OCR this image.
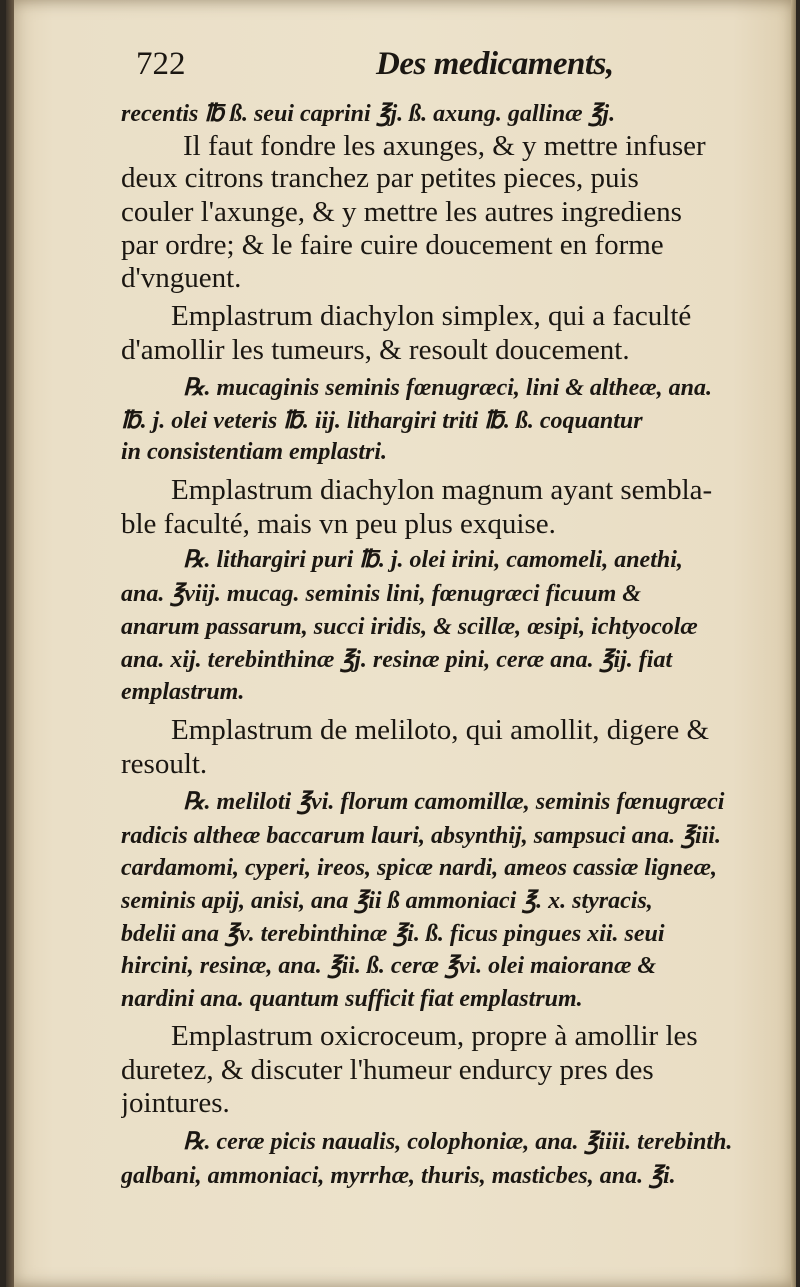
722	Des medicaments,
recentis ℔ ß. seui caprini ℥j. ß. axung. gallinæ ℥j.
Il faut fondre les axunges, & y mettre infuser
deux citrons tranchez par petites pieces, puis
couler l'axunge, & y mettre les autres ingrediens
par ordre; & le faire cuire doucement en forme
d'vnguent.
Emplastrum diachylon simplex, qui a faculté
d'amollir les tumeurs, & resoult doucement.
℞. mucaginis seminis fœnugræci, lini & altheæ, ana.
℔. j. olei veteris ℔. iij. lithargiri triti ℔. ß. coquantur
in consistentiam emplastri.
Emplastrum diachylon magnum ayant sembla-
ble faculté, mais vn peu plus exquise.
℞. lithargiri puri ℔. j. olei irini, camomeli, anethi,
ana. ℥viij. mucag. seminis lini, fœnugræci ficuum &
anarum passarum, succi iridis, & scillæ, œsipi, ichtyocolæ
ana. xij. terebinthinæ ℥j. resinæ pini, ceræ ana. ℥ij. fiat
emplastrum.
Emplastrum de meliloto, qui amollit, digere &
resoult.
℞. meliloti ℥vi. florum camomillæ, seminis fœnugræci
radicis altheæ baccarum lauri, absynthij, sampsuci ana. ℥iii.
cardamomi, cyperi, ireos, spicæ nardi, ameos cassiæ ligneæ,
seminis apij, anisi, ana ℥ii ß ammoniaci ℥. x. styracis,
bdelii ana ℥v. terebinthinæ ℥i. ß. ficus pingues xii. seui
hircini, resinæ, ana. ℥ii. ß. ceræ ℥vi. olei maioranæ &
nardini ana. quantum sufficit fiat emplastrum.
Emplastrum oxicroceum, propre à amollir les
duretez, & discuter l'humeur endurcy pres des
jointures.
℞. ceræ picis naualis, colophoniæ, ana. ℥iiii. terebinth.
galbani, ammoniaci, myrrhæ, thuris, masticbes, ana. ℥i.
